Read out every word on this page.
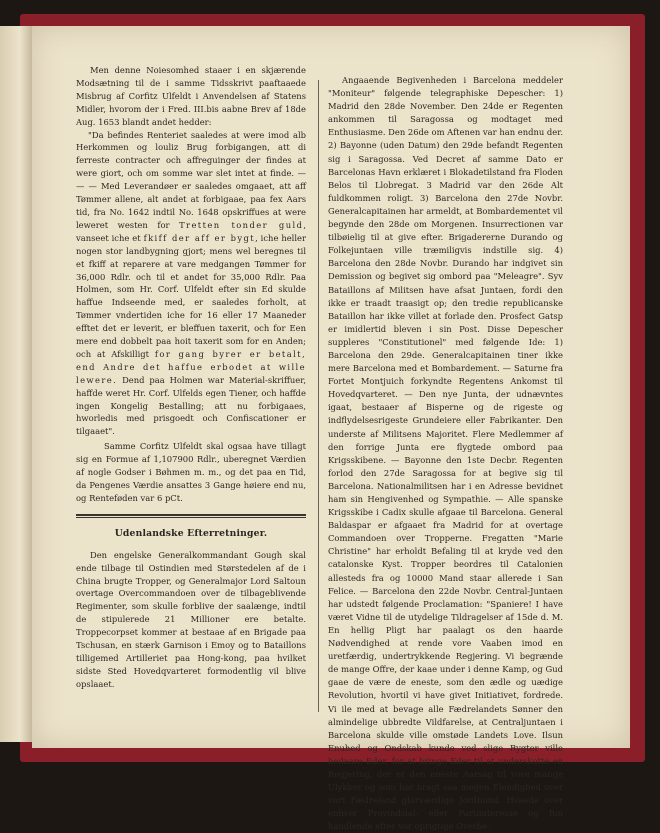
Men denne Noiesomhed staaer i en skjærende Modsætning til de i samme Tidsskrivt paaftaaede Misbrug af Corfitz Ulfeldt i Anvendelsen af Statens Midler, hvorom der i Fred. III.bis aabne Brev af 18de Aug. 1653 blandt andet hedder:

"Da befindes Renteriet saaledes at were imod alb Herkommen og louliz Brug forbigangen, att di ferreste contracter och affreguinger der findes at were giort, och om somme war slet intet at finde. — — — Med Leverandøer er saaledes omgaaet, att aff Tømmer allene, alt andet at forbigaae, paa fex Aars tid, fra No. 1642 indtil No. 1648 opskriffues at were leweret westen for Tretten tonder guld, vanseet iche et fkiff der aff er bygt, iche heller nogen stor landbygning gjort; mens wel beregnes til et fkiff at reparere at vare medgangen Tømmer for 36,000 Rdlr. och til et andet for 35,000 Rdlr. Paa Holmen, som Hr. Corf. Ulfeldt efter sin Ed skulde haffue Indseende med, er saaledes forholt, at Tømmer vndertiden iche for 16 eller 17 Maaneder efftet det er leverit, er bleffuen taxerit, och for Een mere end dobbelt paa hoit taxerit som for en Anden; och at Afskilligt for gang byrer er betalt, end Andre det haffue erbodet at wille lewere. Dend paa Holmen war Material-skriffuer, haffde weret Hr. Corf. Ulfelds egen Tiener, och haffde ingen Kongelig Bestalling; att nu forbigaaes, hworledis med prisgoedt och Confiscationer er tilgaaet".

Samme Corfitz Ulfeldt skal ogsaa have tillagt sig en Formue af 1,107900 Rdlr., uberegnet Værdien af nogle Godser i Bøhmen m. m., og det paa en Tid, da Pengenes Værdie ansattes 3 Gange høiere end nu, og Renteføden var 6 pCt.

Udenlandske Efterretninger.

Den engelske Generalkommandant Gough skal ende tilbage til Ostindien med Størstedelen af de i China brugte Tropper, og Generalmajor Lord Saltoun overtage Overcommandoen over de tilbageblivende Regimenter, som skulle forblive der saalænge, indtil de stipulerede 21 Millioner ere betalte. Troppecorpset kommer at bestaae af en Brigade paa Tschusan, en stærk Garnison i Emoy og to Bataillons tilligemed Artilleriet paa Hong-kong, paa hvilket sidste Sted Hovedqvarteret formodentlig vil blive opslaaet.

Angaaende Begivenheden i Barcelona meddeler "Moniteur" følgende telegraphiske Depescher: 1) Madrid den 28de November. Den 24de er Regenten ankommen til Saragossa og modtaget med Enthusiasme. Den 26de om Aftenen var han endnu der. 2) Bayonne (uden Datum) den 29de befandt Regenten sig i Saragossa. Ved Decret af samme Dato er Barcelonas Havn erklæret i Blokadetilstand fra Floden Belos til Llobregat. 3 Madrid var den 26de Alt fuldkommen roligt. 3) Barcelona den 27de Novbr. Generalcapitainen har armeldt, at Bombardementet vil begynde den 28de om Morgenen. Insurrectionen var tilbøielig til at give efter. Brigadererne Durando og Folkejuntaen ville træmiligvis indstille sig. 4) Barcelona den 28de Novbr. Durando har indgivet sin Demission og begivet sig ombord paa "Meleagre". Syv Bataillons af Militsen have afsat Juntaen, fordi den ikke er traadt traasigt op; den tredie republicanske Bataillon har ikke villet at forlade den. Prosfect Gatsp er imidlertid bleven i sin Post. Disse Depescher suppleres "Constitutionel" med følgende Ide: 1) Barcelona den 29de. Generalcapitainen tiner ikke mere Barcelona med et Bombardement. — Saturne fra Fortet Montjuich forkyndte Regentens Ankomst til Hovedqvarteret. — Den nye Junta, der udnævntes igaat, bestaaer af Bisperne og de rigeste og indflydelsesrigeste Grundeiere eller Fabrikanter. Den underste af Militsens Majoritet. Flere Medlemmer af den forrige Junta ere flygtede ombord paa Krigsskibene. — Bayonne den 1ste Decbr. Regenten forlod den 27de Saragossa for at begive sig til Barcelona. Nationalmilitsen har i en Adresse bevidnet ham sin Hengivenhed og Sympathie. — Alle spanske Krigsskibe i Cadix skulle afgaae til Barcelona. General Baldaspar er afgaaet fra Madrid for at overtage Commandoen over Tropperne. Fregatten "Marie Christine" har erholdt Befaling til at kryde ved den catalonske Kyst. Tropper beordres til Catalonien allesteds fra og 10000 Mand staar allerede i San Felice. — Barcelona den 22de Novbr. Central-Juntaen har udstedt følgende Proclamation: "Spaniere! I have været Vidne til de utydelige Tildragelser af 15de d. M. En hellig Pligt har paalagt os den haarde Nødvendighed at rende vore Vaaben imod en uretfærdig, undertrykkende Regjering. Vi begrænde de mange Offre, der kaae under i denne Kamp, og Gud gaae de være de eneste, som den ædle og uædige Revolution, hvortil vi have givet Initiativet, fordrede. Vi ile med at bevage alle Fædrelandets Sønner den almindelige ubbredte Vildfarelse, at Centraljuntaen i Barcelona skulde ville omstøde Landets Love. Ilsun Enuhed og Ondskab kunde ved slige Rygter ville bedaare Eder, for at bringe Eder til at underskotte en Regjering, der er den eneste Aarsag til vore mange Ulykker og som har bragt saa megen Elendighed over vort Fædreland glorværdige Jordbund. Hvaede over enhver Provindsial- eller Partiinteresse og fun handlende efter vor oprigtige Overbe-
